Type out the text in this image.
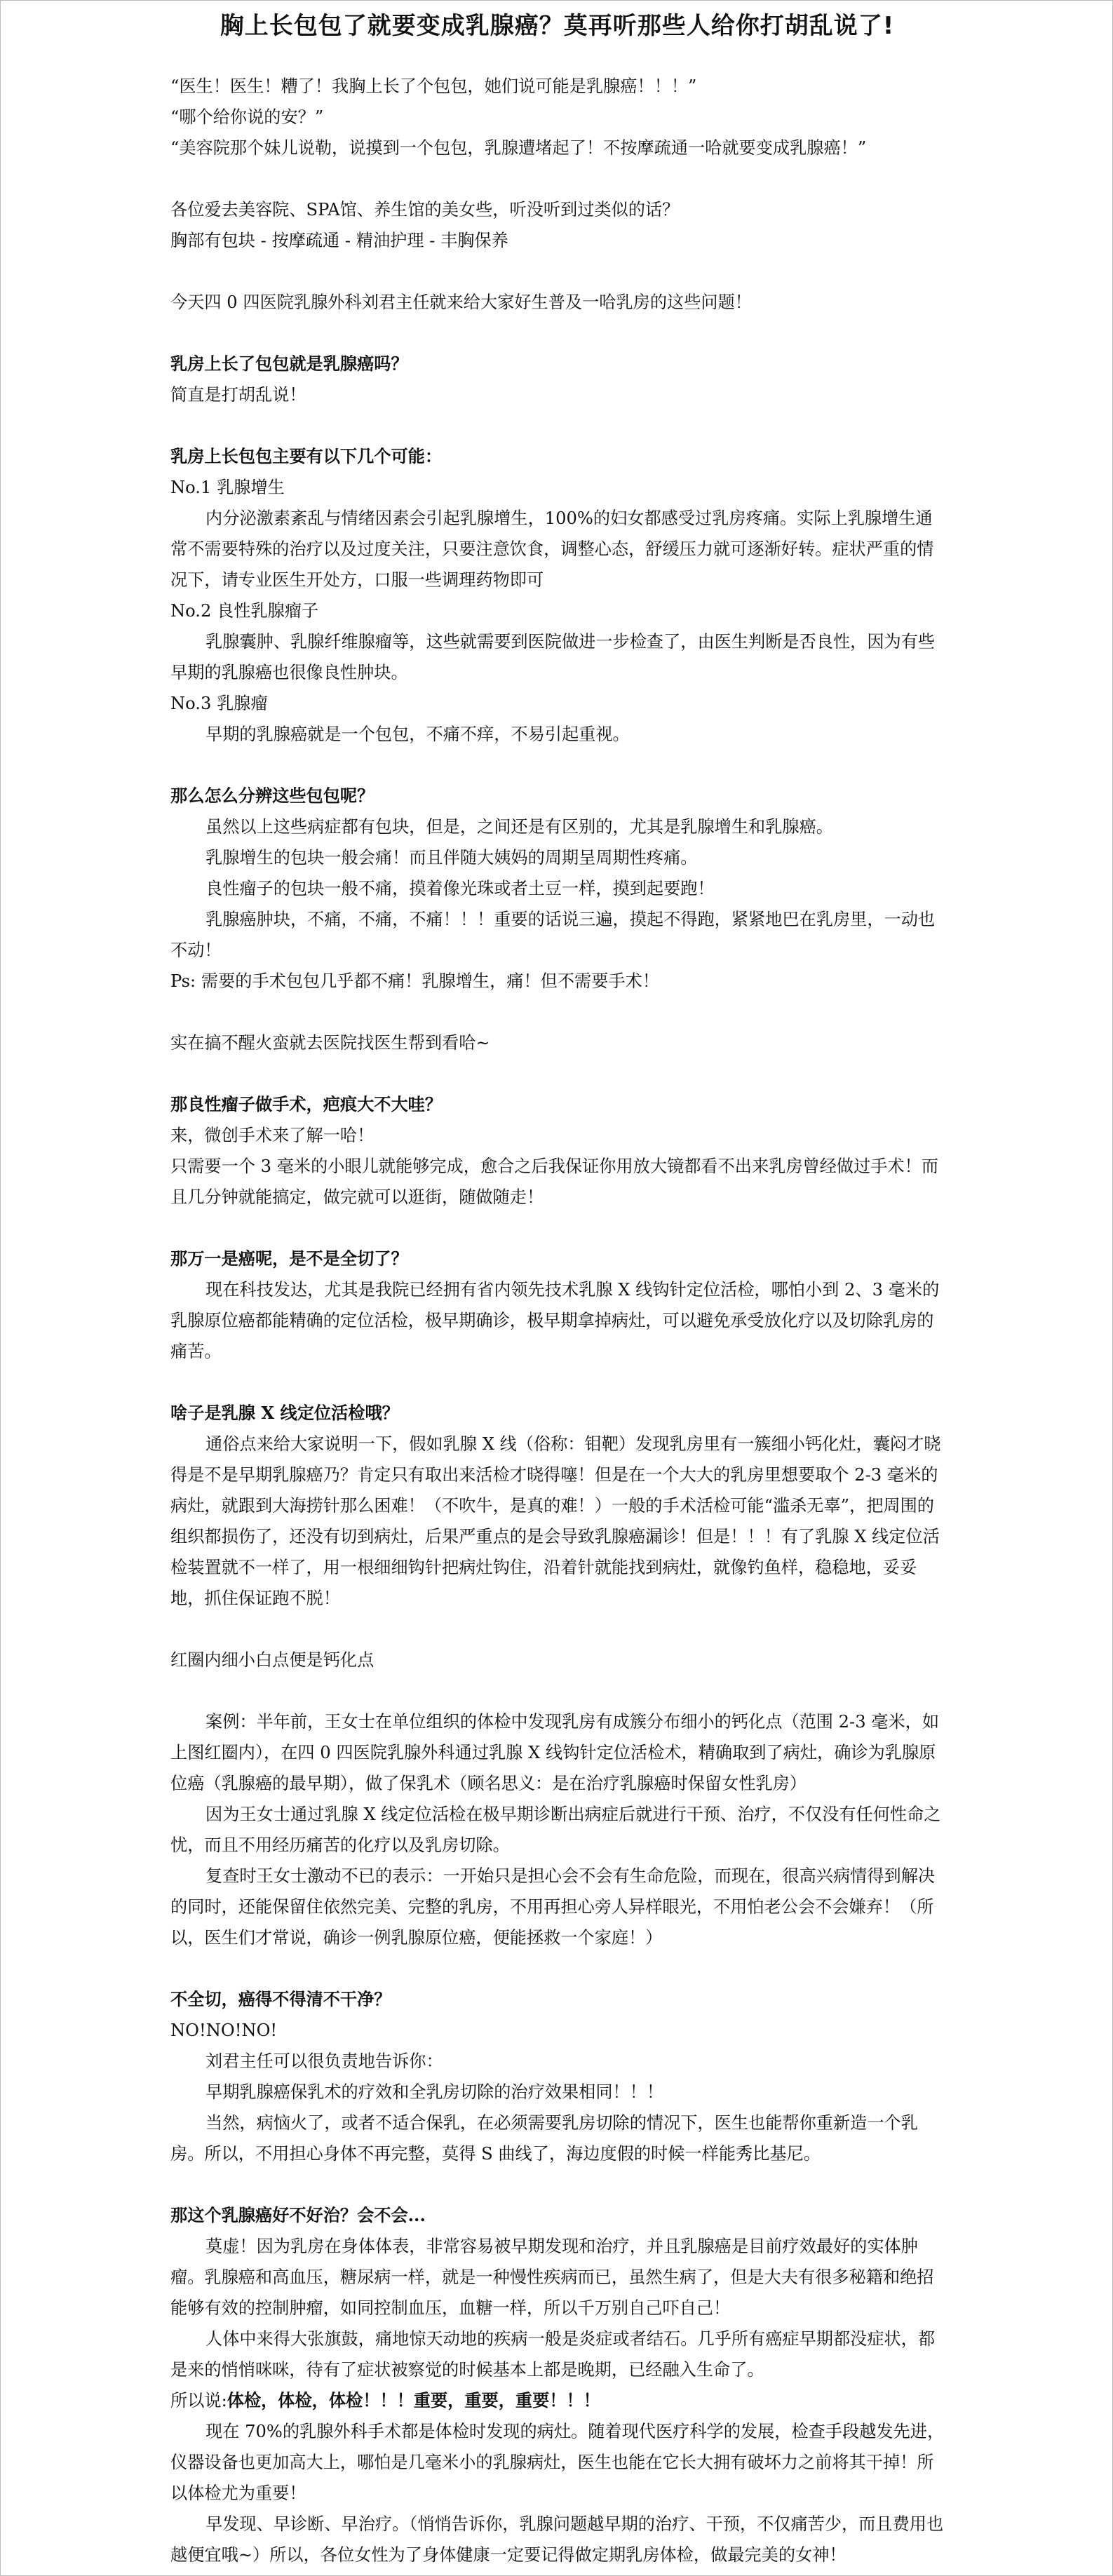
胸上长包包了就要变成乳腺癌？莫再听那些人给你打胡乱说了!
“医生！医生！糟了！我胸上长了个包包，她们说可能是乳腺癌！！！”
“哪个给你说的安？”
“美容院那个妹儿说勒，说摸到一个包包，乳腺遭堵起了！不按摩疏通一哈就要变成乳腺癌！”
各位爱去美容院、SPA馆、养生馆的美女些，听没听到过类似的话？
胸部有包块 - 按摩疏通 - 精油护理 - 丰胸保养
今天四 0 四医院乳腺外科刘君主任就来给大家好生普及一哈乳房的这些问题！
乳房上长了包包就是乳腺癌吗？
简直是打胡乱说！
乳房上长包包主要有以下几个可能：
No.1 乳腺增生
内分泌激素紊乱与情绪因素会引起乳腺增生，100%的妇女都感受过乳房疼痛。实际上乳腺增生通常不需要特殊的治疗以及过度关注，只要注意饮食，调整心态，舒缓压力就可逐渐好转。症状严重的情况下，请专业医生开处方，口服一些调理药物即可
No.2 良性乳腺瘤子
乳腺囊肿、乳腺纤维腺瘤等，这些就需要到医院做进一步检查了，由医生判断是否良性，因为有些早期的乳腺癌也很像良性肿块。
No.3 乳腺瘤
早期的乳腺癌就是一个包包，不痛不痒，不易引起重视。
那么怎么分辨这些包包呢？
虽然以上这些病症都有包块，但是，之间还是有区别的，尤其是乳腺增生和乳腺癌。
乳腺增生的包块一般会痛！而且伴随大姨妈的周期呈周期性疼痛。
良性瘤子的包块一般不痛，摸着像光珠或者土豆一样，摸到起要跑！
乳腺癌肿块，不痛，不痛，不痛！！！重要的话说三遍，摸起不得跑，紧紧地巴在乳房里，一动也不动！
Ps: 需要的手术包包几乎都不痛！乳腺增生，痛！但不需要手术！
实在搞不醒火蛮就去医院找医生帮到看哈~
那良性瘤子做手术，疤痕大不大哇？
来，微创手术来了解一哈！
只需要一个 3 毫米的小眼儿就能够完成，愈合之后我保证你用放大镜都看不出来乳房曾经做过手术！而且几分钟就能搞定，做完就可以逛街，随做随走！
那万一是癌呢，是不是全切了？
现在科技发达，尤其是我院已经拥有省内领先技术乳腺 X 线钩针定位活检，哪怕小到 2、3 毫米的乳腺原位癌都能精确的定位活检，极早期确诊，极早期拿掉病灶，可以避免承受放化疗以及切除乳房的痛苦。
啥子是乳腺 X 线定位活检哦？
通俗点来给大家说明一下，假如乳腺 X 线（俗称：钼靶）发现乳房里有一簇细小钙化灶，囊闷才晓得是不是早期乳腺癌乃？肯定只有取出来活检才晓得噻！但是在一个大大的乳房里想要取个 2-3 毫米的病灶，就跟到大海捞针那么困难！（不吹牛，是真的难！）一般的手术活检可能“滥杀无辜”，把周围的组织都损伤了，还没有切到病灶，后果严重点的是会导致乳腺癌漏诊！但是！！！有了乳腺 X 线定位活检装置就不一样了，用一根细细钩针把病灶钩住，沿着针就能找到病灶，就像钓鱼样，稳稳地，妥妥地，抓住保证跑不脱！
红圈内细小白点便是钙化点
案例：半年前，王女士在单位组织的体检中发现乳房有成簇分布细小的钙化点（范围 2-3 毫米，如上图红圈内），在四 0 四医院乳腺外科通过乳腺 X 线钩针定位活检术，精确取到了病灶，确诊为乳腺原位癌（乳腺癌的最早期），做了保乳术（顾名思义：是在治疗乳腺癌时保留女性乳房）
因为王女士通过乳腺 X 线定位活检在极早期诊断出病症后就进行干预、治疗，不仅没有任何性命之忧，而且不用经历痛苦的化疗以及乳房切除。
复查时王女士激动不已的表示：一开始只是担心会不会有生命危险，而现在，很高兴病情得到解决的同时，还能保留住依然完美、完整的乳房，不用再担心旁人异样眼光，不用怕老公会不会嫌弃！（所以，医生们才常说，确诊一例乳腺原位癌，便能拯救一个家庭！）
不全切，癌得不得清不干净？
NO!NO!NO!
刘君主任可以很负责地告诉你：
早期乳腺癌保乳术的疗效和全乳房切除的治疗效果相同！！！
当然，病恼火了，或者不适合保乳，在必须需要乳房切除的情况下，医生也能帮你重新造一个乳房。所以，不用担心身体不再完整，莫得 S 曲线了，海边度假的时候一样能秀比基尼。
那这个乳腺癌好不好治？会不会...
莫虚！因为乳房在身体体表，非常容易被早期发现和治疗，并且乳腺癌是目前疗效最好的实体肿瘤。乳腺癌和高血压，糖尿病一样，就是一种慢性疾病而已，虽然生病了，但是大夫有很多秘籍和绝招能够有效的控制肿瘤，如同控制血压，血糖一样，所以千万别自己吓自己！
人体中来得大张旗鼓，痛地惊天动地的疾病一般是炎症或者结石。几乎所有癌症早期都没症状，都是来的悄悄咪咪，待有了症状被察觉的时候基本上都是晚期，已经融入生命了。
所以说:体检，体检，体检！！！重要，重要，重要！！！
现在 70%的乳腺外科手术都是体检时发现的病灶。随着现代医疗科学的发展，检查手段越发先进，仪器设备也更加高大上，哪怕是几毫米小的乳腺病灶，医生也能在它长大拥有破坏力之前将其干掉！所以体检尤为重要！
早发现、早诊断、早治疗。（悄悄告诉你，乳腺问题越早期的治疗、干预，不仅痛苦少，而且费用也越便宜哦~）所以，各位女性为了身体健康一定要记得做定期乳房体检，做最完美的女神！
